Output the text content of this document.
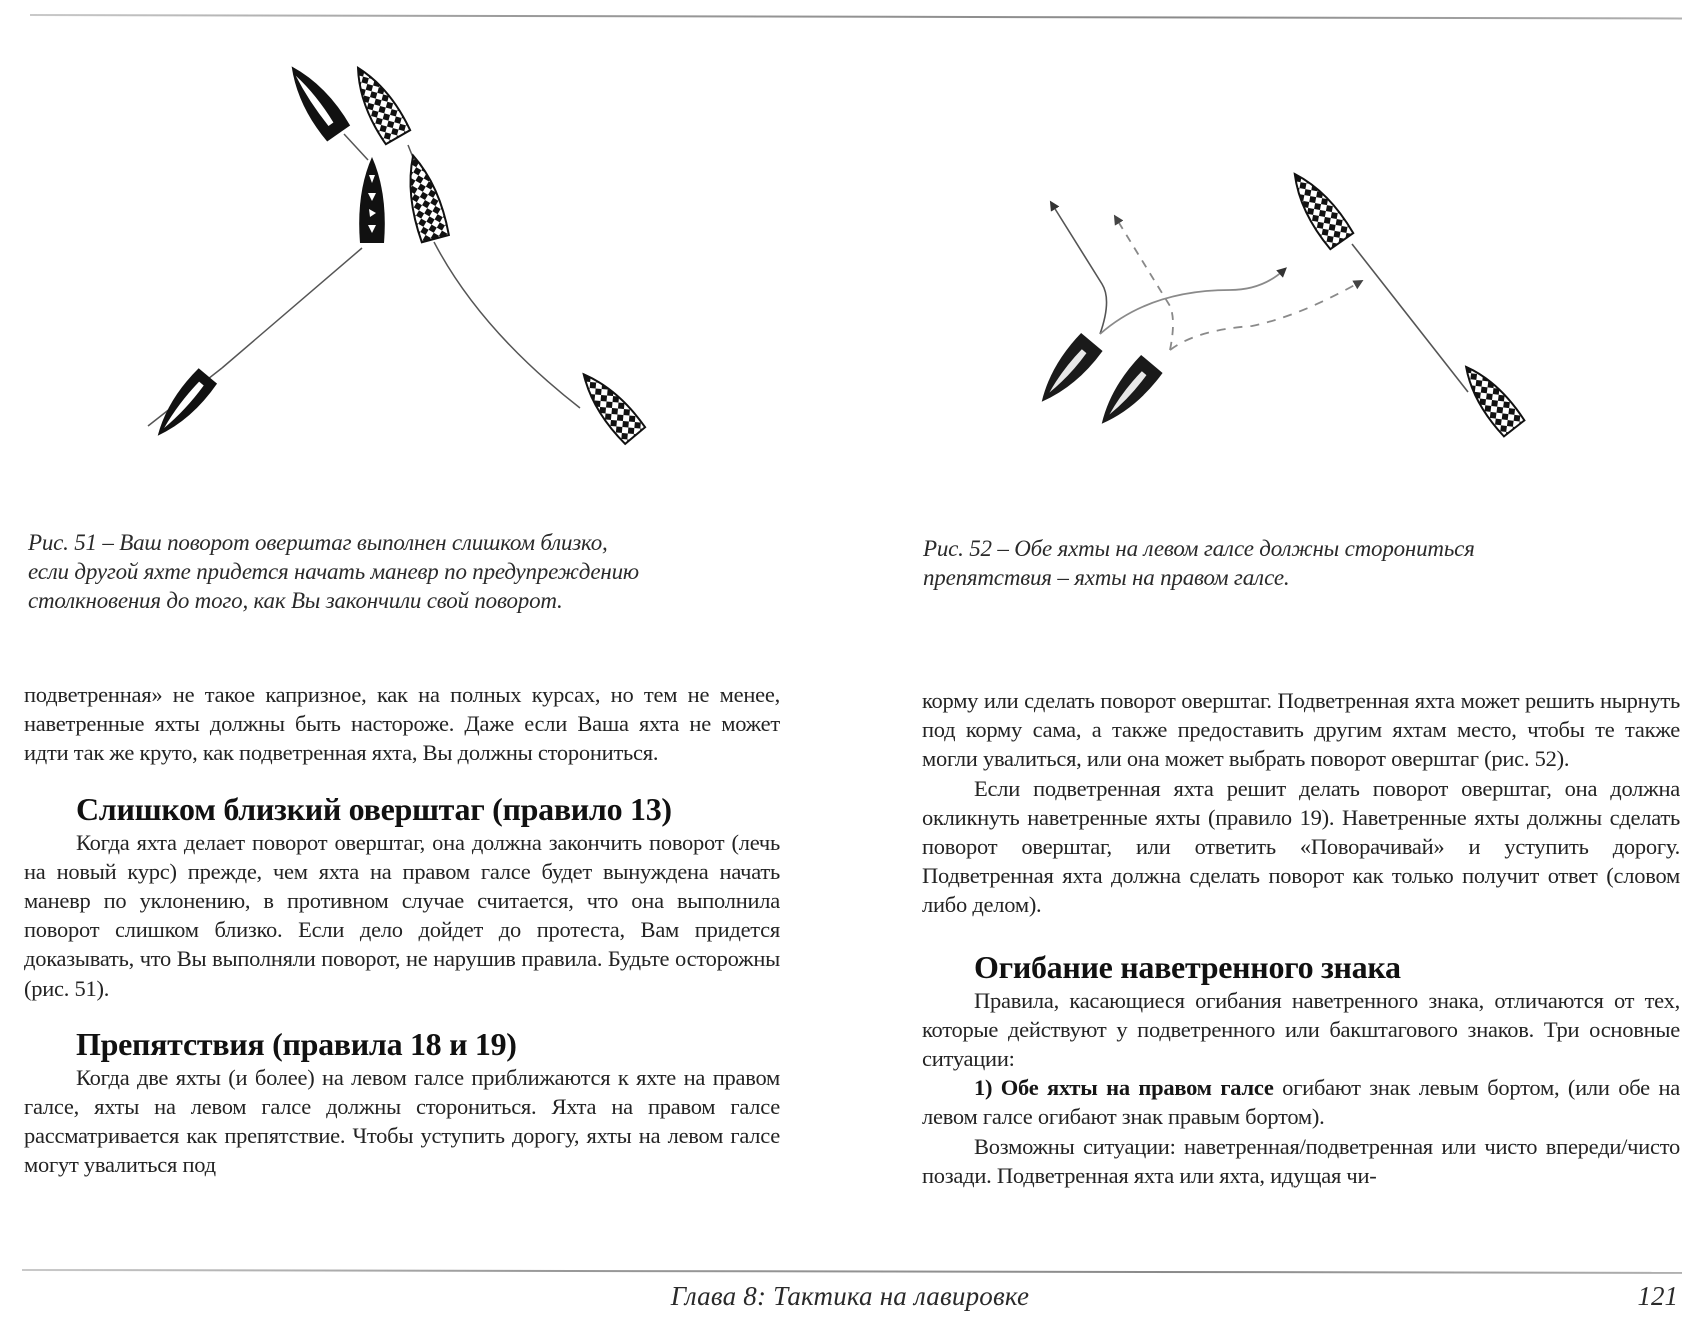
Рис. 51 – Ваш поворот оверштаг выполнен слишком близко,
если другой яхте придется начать маневр по предупреждению
столкновения до того, как Вы закончили свой поворот.
Рис. 52 – Обе яхты на левом галсе должны сторониться
препятствия – яхты на правом галсе.

подветренная» не такое капризное, как на полных курсах, но тем не менее, наветренные яхты должны быть настороже. Даже если Ваша яхта не может идти так же круто, как подветренная яхта, Вы должны сторониться.

Слишком близкий оверштаг (правило 13)

Когда яхта делает поворот оверштаг, она должна закончить поворот (лечь на новый курс) прежде, чем яхта на правом галсе будет вынуждена начать маневр по уклонению, в противном случае считается, что она выполнила поворот слишком близко. Если дело дойдет до протеста, Вам придется доказывать, что Вы выполняли поворот, не нарушив правила. Будьте осторожны (рис. 51).

Препятствия (правила 18 и 19)

Когда две яхты (и более) на левом галсе приближаются к яхте на правом галсе, яхты на левом галсе должны сторониться. Яхта на правом галсе рассматривается как препятствие. Чтобы уступить дорогу, яхты на левом галсе могут увалиться под

корму или сделать поворот оверштаг. Подветренная яхта может решить нырнуть под корму сама, а также предоставить другим яхтам место, чтобы те также могли увалиться, или она может выбрать поворот оверштаг (рис. 52).

Если подветренная яхта решит делать поворот оверштаг, она должна окликнуть наветренные яхты (правило 19). Наветренные яхты должны сделать поворот оверштаг, или ответить «Поворачивай» и уступить дорогу. Подветренная яхта должна сделать поворот как только получит ответ (словом либо делом).

Огибание наветренного знака

Правила, касающиеся огибания наветренного знака, отличаются от тех, которые действуют у подветренного или бакштагового знаков. Три основные ситуации:

1) Обе яхты на правом галсе огибают знак левым бортом, (или обе на левом галсе огибают знак правым бортом).

Возможны ситуации: наветренная/подветренная или чисто впереди/чисто позади. Подветренная яхта или яхта, идущая чи-

Глава 8: Тактика на лавировке	121
